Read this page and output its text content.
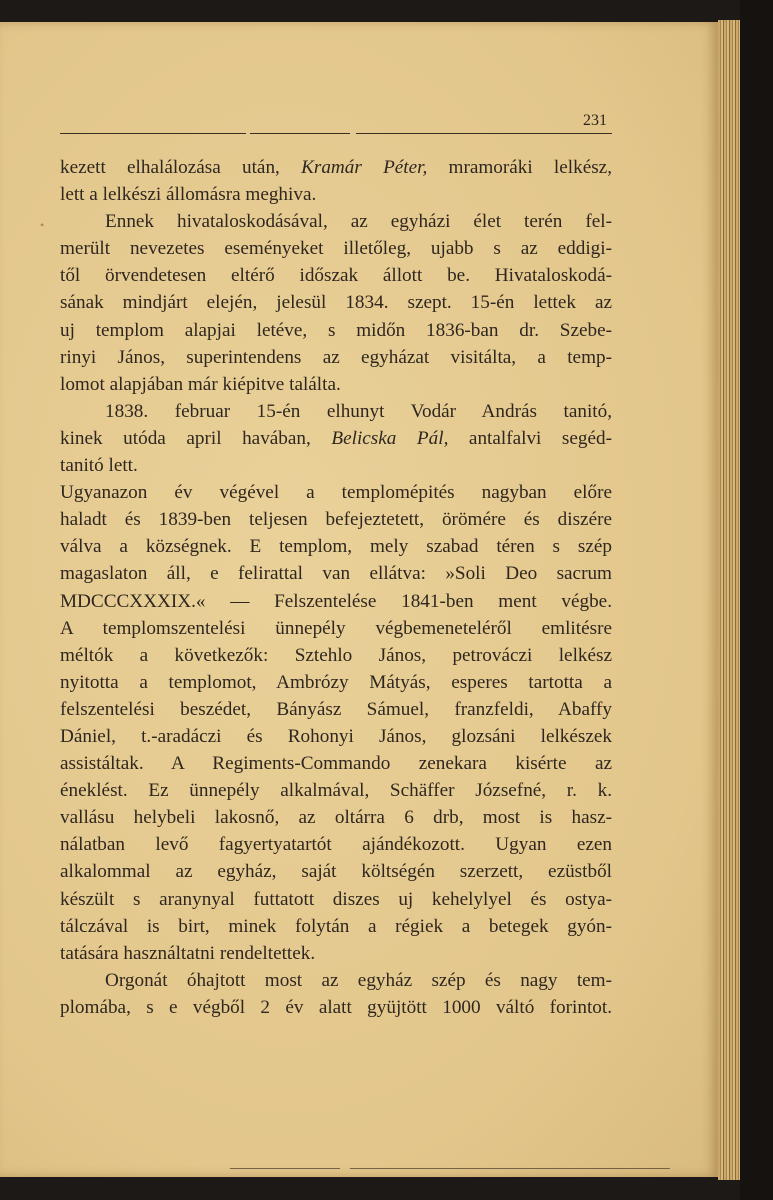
231
kezett elhalálozása után, Kramár Péter, mramoráki lelkész,
lett a lelkészi állomásra meghiva.
Ennek hivataloskodásával, az egyházi élet terén fel-
merült nevezetes eseményeket illetőleg, ujabb s az eddigi-
től örvendetesen eltérő időszak állott be. Hivataloskodá-
sának mindjárt elején, jelesül 1834. szept. 15-én lettek az
uj templom alapjai letéve, s midőn 1836-ban dr. Szebe-
rinyi János, superintendens az egyházat visitálta, a temp-
lomot alapjában már kiépitve találta.
1838. februar 15-én elhunyt Vodár András tanitó,
kinek utóda april havában, Belicska Pál, antalfalvi segéd-
tanitó lett.
Ugyanazon év végével a templomépités nagyban előre
haladt és 1839-ben teljesen befejeztetett, örömére és diszére
válva a községnek. E templom, mely szabad téren s szép
magaslaton áll, e felirattal van ellátva: »Soli Deo sacrum
MDCCCXXXIX.« — Felszentelése 1841-ben ment végbe.
A templomszentelési ünnepély végbemeneteléről emlitésre
méltók a következők: Sztehlo János, petrováczi lelkész
nyitotta a templomot, Ambrózy Mátyás, esperes tartotta a
felszentelési beszédet, Bányász Sámuel, franzfeldi, Abaffy
Dániel, t.-aradáczi és Rohonyi János, glozsáni lelkészek
assistáltak. A Regiments-Commando zenekara kisérte az
éneklést. Ez ünnepély alkalmával, Schäffer Józsefné, r. k.
vallásu helybeli lakosnő, az oltárra 6 drb, most is hasz-
nálatban levő fagyertyatartót ajándékozott. Ugyan ezen
alkalommal az egyház, saját költségén szerzett, ezüstből
készült s aranynyal futtatott diszes uj kehelylyel és ostya-
tálczával is birt, minek folytán a régiek a betegek gyón-
tatására használtatni rendeltettek.
Orgonát óhajtott most az egyház szép és nagy tem-
plomába, s e végből 2 év alatt gyüjtött 1000 váltó forintot.
•
